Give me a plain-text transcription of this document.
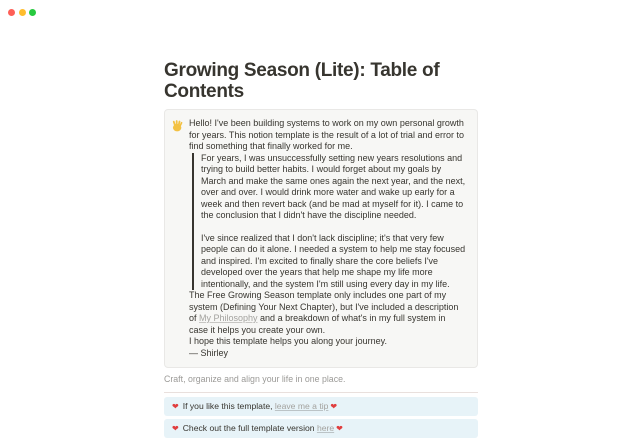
Growing Season (Lite): Table of Contents

Hello! I've been building systems to work on my own personal growth for years. This notion template is the result of a lot of trial and error to find something that finally worked for me.

For years, I was unsuccessfully setting new years resolutions and trying to build better habits. I would forget about my goals by March and make the same ones again the next year, and the next, over and over. I would drink more water and wake up early for a week and then revert back (and be mad at myself for it). I came to the conclusion that I didn't have the discipline needed.

I've since realized that I don't lack discipline; it's that very few people can do it alone. I needed a system to help me stay focused and inspired. I'm excited to finally share the core beliefs I've developed over the years that help me shape my life more intentionally, and the system I'm still using every day in my life.

The Free Growing Season template only includes one part of my system (Defining Your Next Chapter), but I've included a description of My Philosophy and a breakdown of what's in my full system in case it helps you create your own.

I hope this template helps you along your journey.

— Shirley

Craft, organize and align your life in one place.

❤ If you like this template, leave me a tip ❤
❤ Check out the full template version here ❤
